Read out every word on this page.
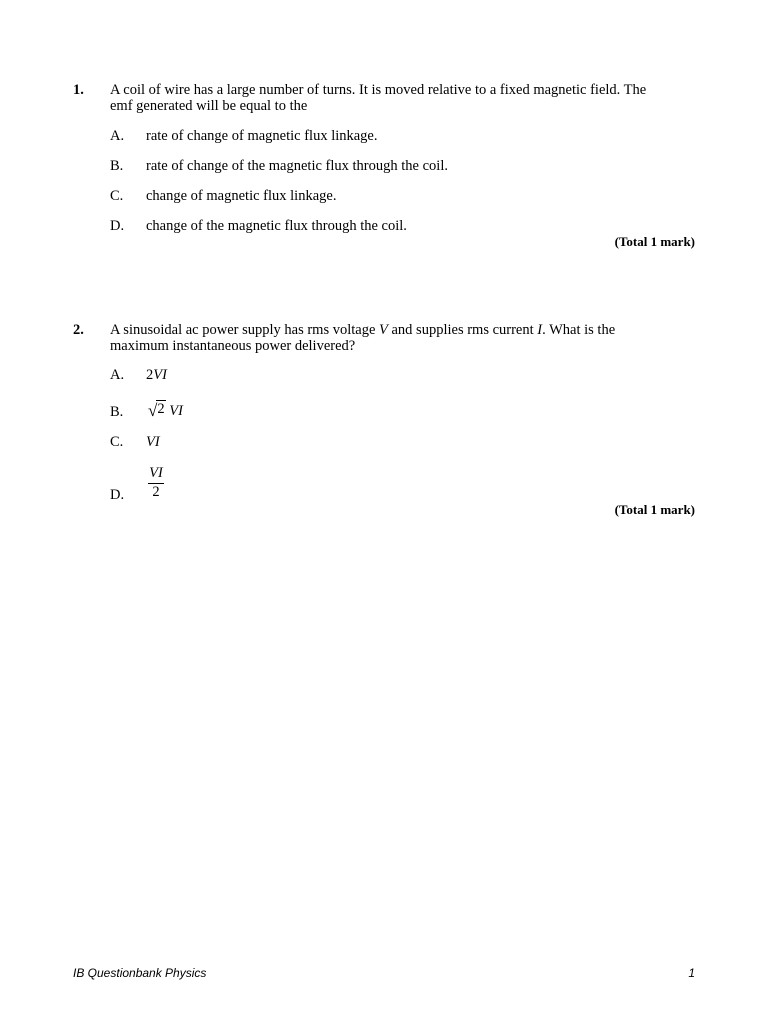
1. A coil of wire has a large number of turns. It is moved relative to a fixed magnetic field. The emf generated will be equal to the
A. rate of change of magnetic flux linkage.
B. rate of change of the magnetic flux through the coil.
C. change of magnetic flux linkage.
D. change of the magnetic flux through the coil.
(Total 1 mark)
2. A sinusoidal ac power supply has rms voltage V and supplies rms current I. What is the maximum instantaneous power delivered?
A. 2VI
B. √2 VI
C. VI
D. $\frac{VI}{2}$
(Total 1 mark)
IB Questionbank Physics	1
